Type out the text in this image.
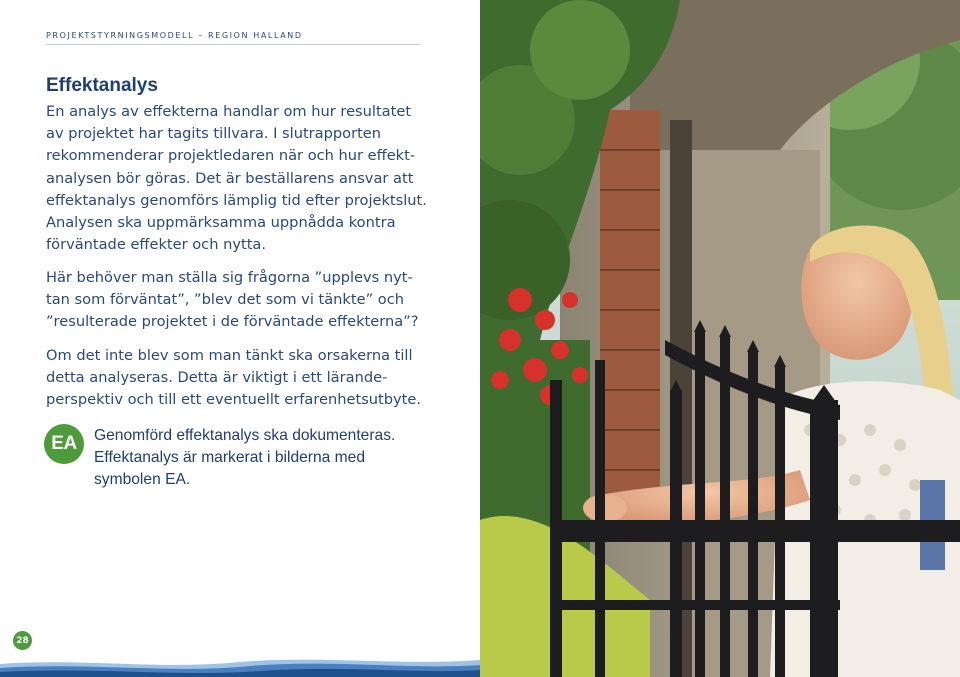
PROJEKTSTYRNINGSMODELL – REGION HALLAND
Effektanalys

En analys av effekterna handlar om hur resultatet
av projektet har tagits tillvara. I slutrapporten
rekommenderar projektledaren när och hur effekt-
analysen bör göras. Det är beställarens ansvar att
effektanalys genomförs lämplig tid efter projektslut.
Analysen ska uppmärksamma uppnådda kontra
förväntade effekter och nytta.

Här behöver man ställa sig frågorna ”upplevs nyt-
tan som förväntat”, ”blev det som vi tänkte” och
”resulterade projektet i de förväntade effekterna”?

Om det inte blev som man tänkt ska orsakerna till
detta analyseras. Detta är viktigt i ett lärande-
perspektiv och till ett eventuellt erfarenhetsutbyte.

EA	Genomförd effektanalys ska dokumenteras.
Effektanalys är markerat i bilderna med
symbolen EA.

28
